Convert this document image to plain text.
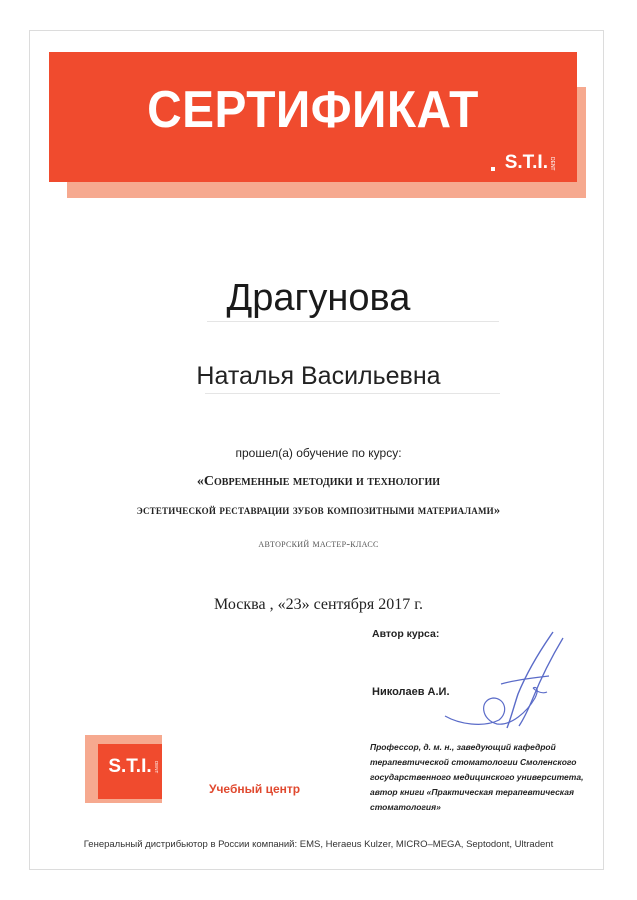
СЕРТИФИКАТ
S.T.I. DENT
Драгунова
Наталья Васильевна
прошел(а) обучение по курсу:
«Современные методики и технологии
эстетической реставрации зубов композитными материалами»
авторский мастер-класс
Москва , «23» сентября 2017 г.
Автор курса:
Николаев А.И.
Профессор, д. м. н., заведующий кафедрой терапевтической стоматологии Смоленского государственного медицинского университета, автор книги «Практическая терапевтическая стоматология»
S.T.I. DENT
Учебный центр
Генеральный дистрибьютор в России компаний: EMS, Heraeus Kulzer, MICRO–MEGA, Septodont, Ultradent
